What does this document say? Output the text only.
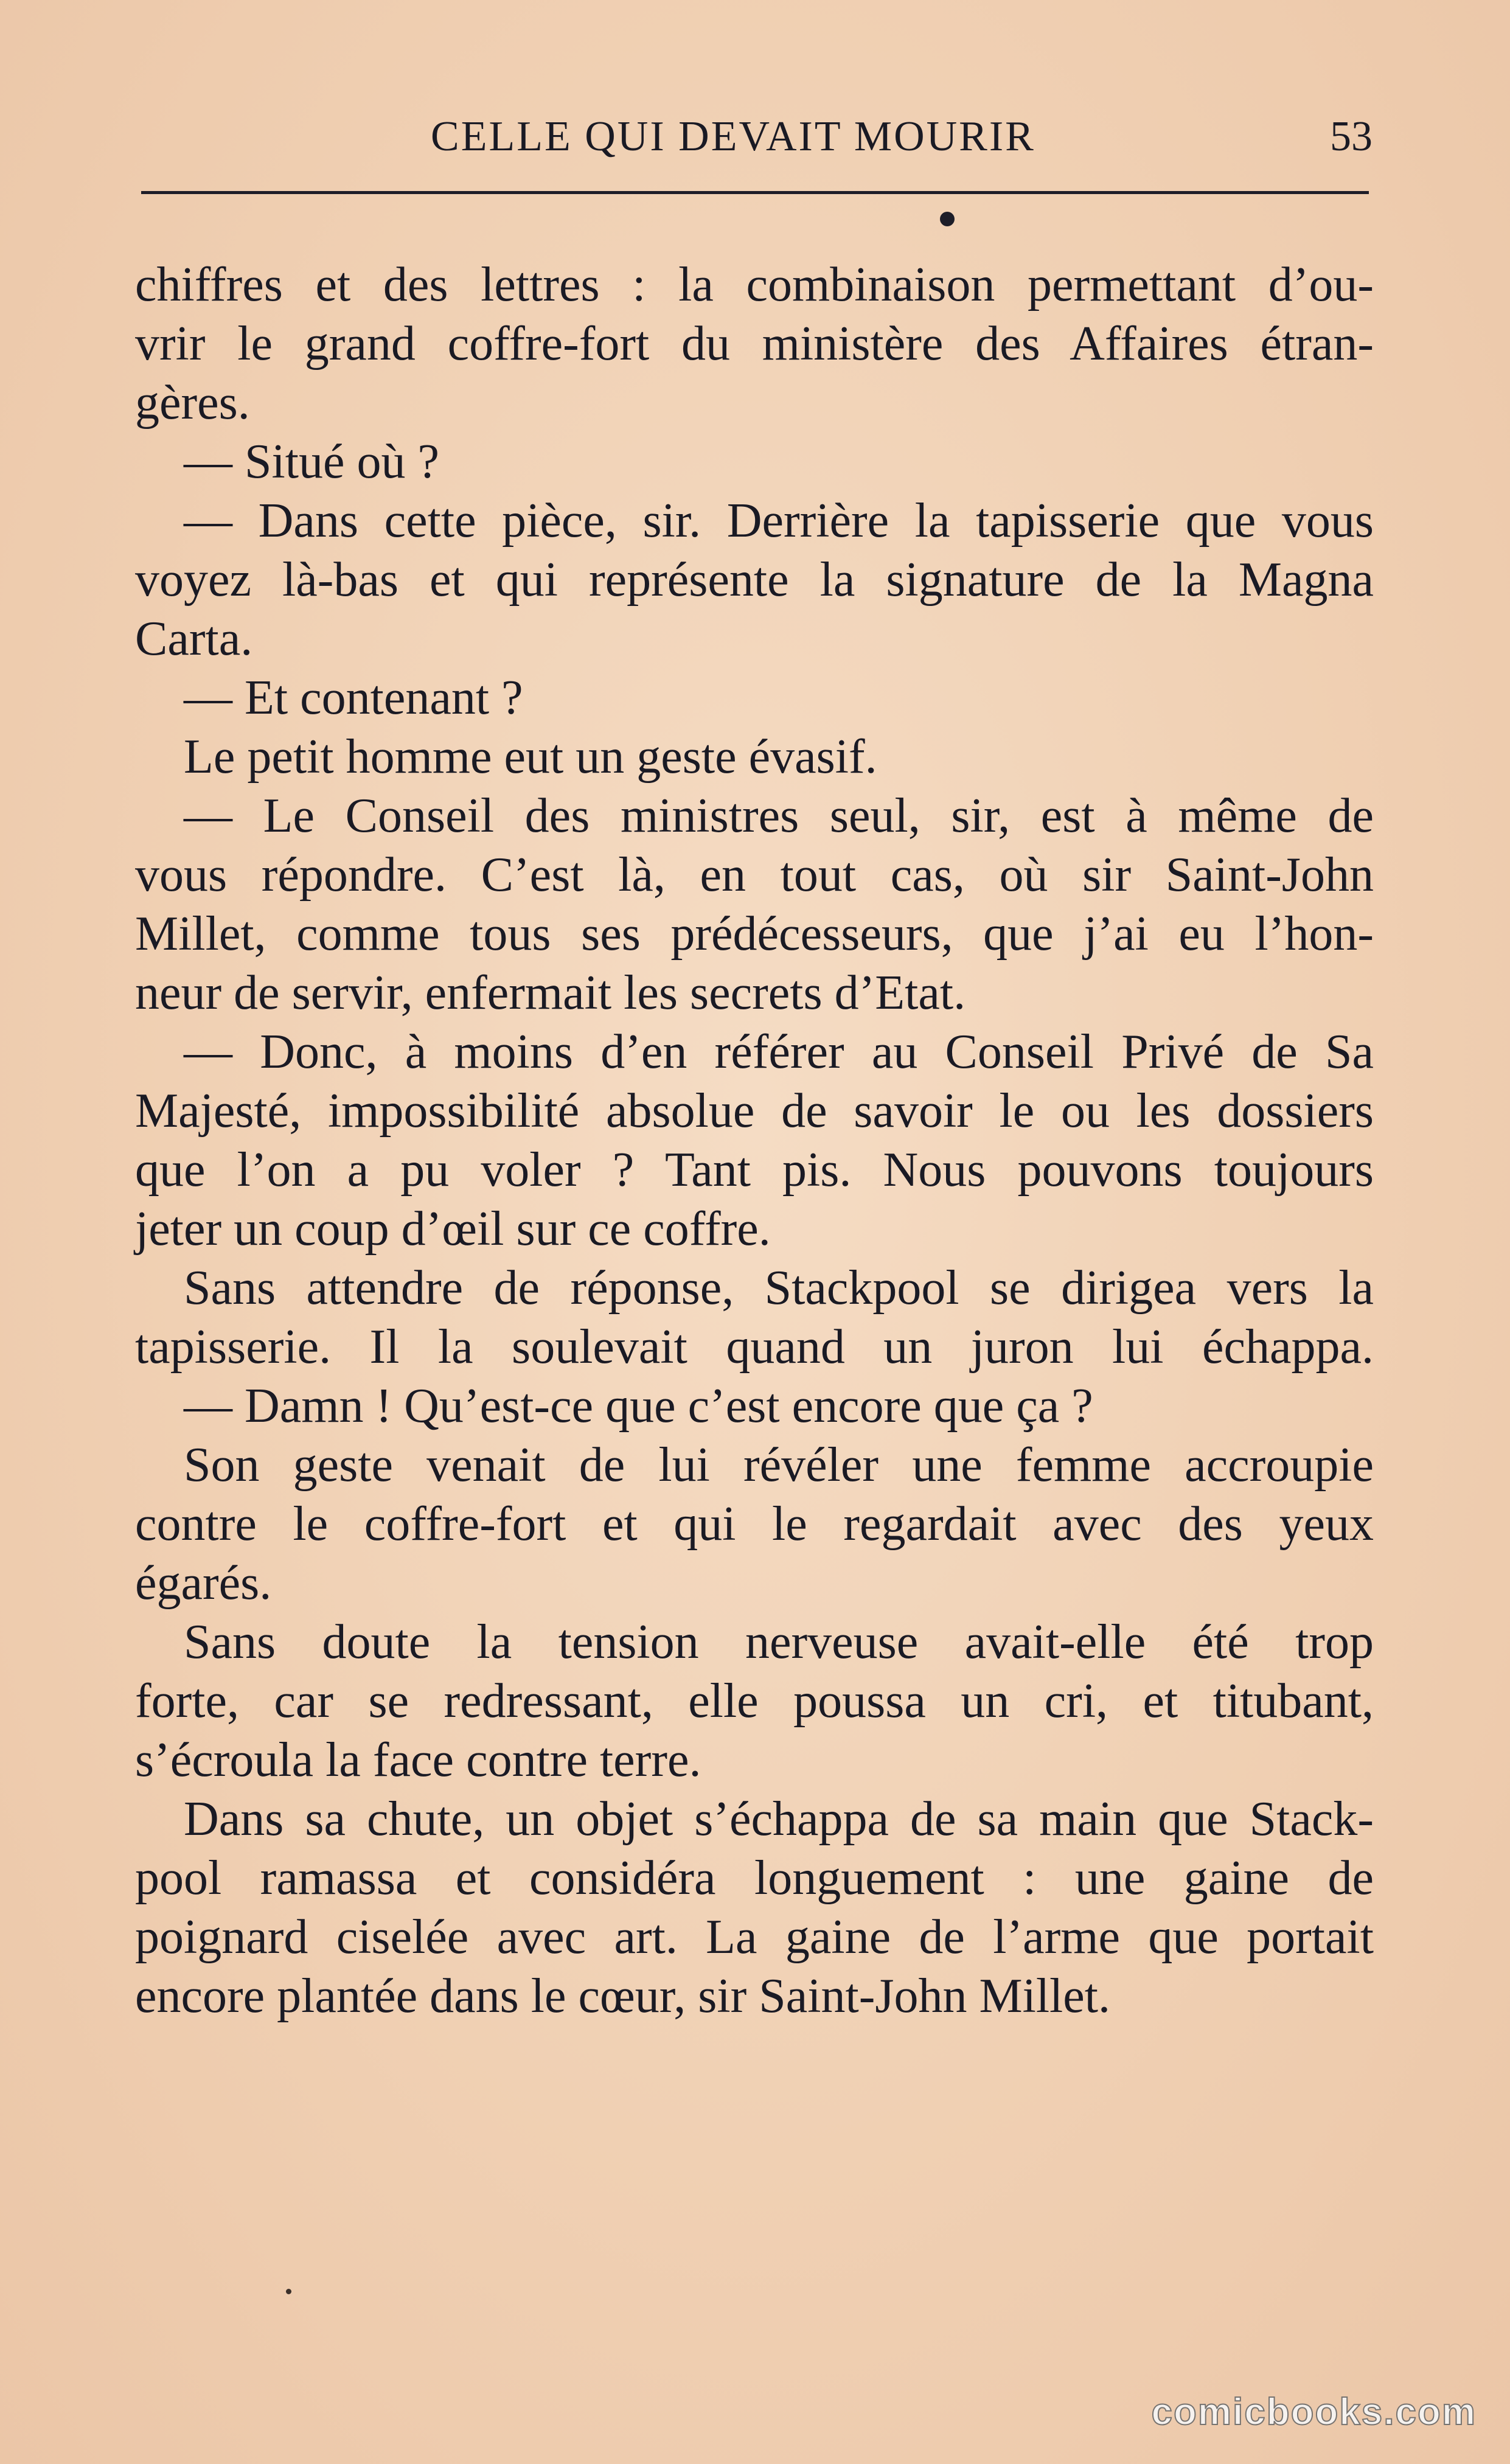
CELLE QUI DEVAIT MOURIR	53
chiffres et des lettres : la combinaison permettant d’ou-
vrir le grand coffre-fort du ministère des Affaires étran-
gères.
— Situé où ?
— Dans cette pièce, sir. Derrière la tapisserie que vous
voyez là-bas et qui représente la signature de la Magna
Carta.
— Et contenant ?
Le petit homme eut un geste évasif.
— Le Conseil des ministres seul, sir, est à même de
vous répondre. C’est là, en tout cas, où sir Saint-John
Millet, comme tous ses prédécesseurs, que j’ai eu l’hon-
neur de servir, enfermait les secrets d’Etat.
— Donc, à moins d’en référer au Conseil Privé de Sa
Majesté, impossibilité absolue de savoir le ou les dossiers
que l’on a pu voler ? Tant pis. Nous pouvons toujours
jeter un coup d’œil sur ce coffre.
Sans attendre de réponse, Stackpool se dirigea vers la
tapisserie. Il la soulevait quand un juron lui échappa.
— Damn ! Qu’est-ce que c’est encore que ça ?
Son geste venait de lui révéler une femme accroupie
contre le coffre-fort et qui le regardait avec des yeux
égarés.
Sans doute la tension nerveuse avait-elle été trop
forte, car se redressant, elle poussa un cri, et titubant,
s’écroula la face contre terre.
Dans sa chute, un objet s’échappa de sa main que Stack-
pool ramassa et considéra longuement : une gaine de
poignard ciselée avec art. La gaine de l’arme que portait
encore plantée dans le cœur, sir Saint-John Millet.
comicbooks.com
